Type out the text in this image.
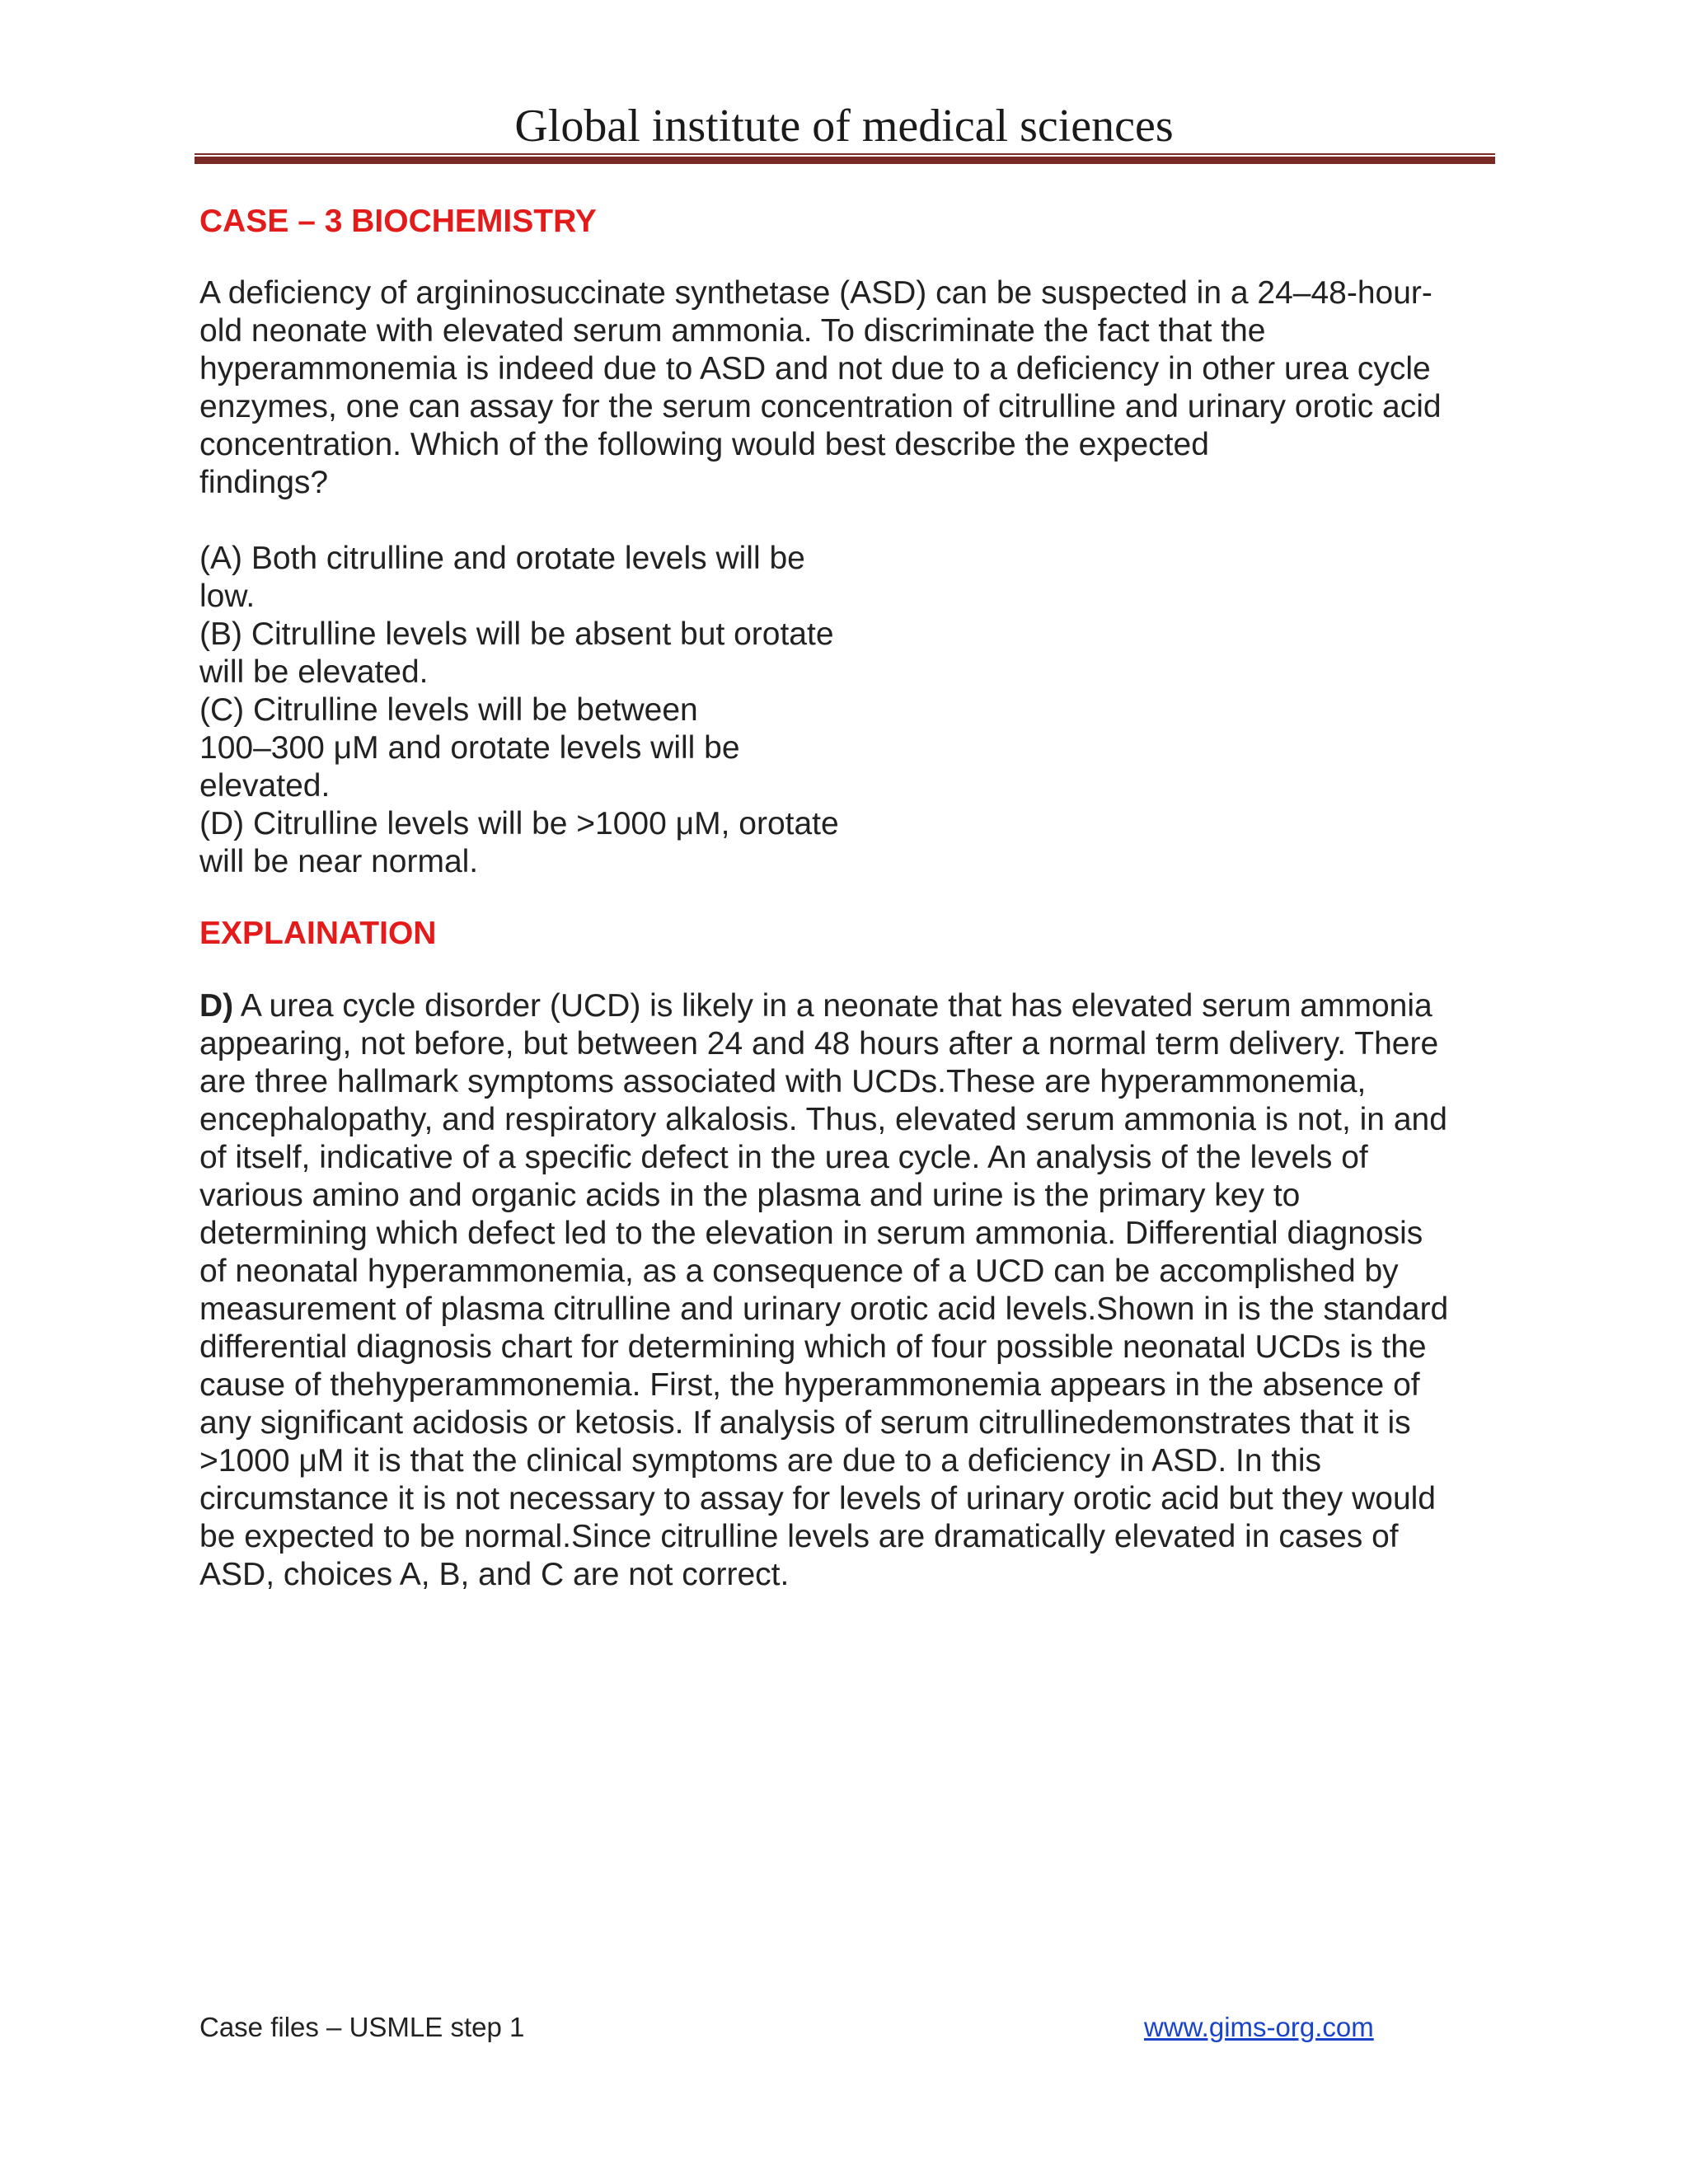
Global institute of medical sciences
CASE – 3 BIOCHEMISTRY
A deficiency of argininosuccinate synthetase (ASD) can be suspected in a 24–48-hour-
old neonate with elevated serum ammonia. To discriminate the fact that the
hyperammonemia is indeed due to ASD and not due to a deficiency in other urea cycle
enzymes, one can assay for the serum concentration of citrulline and urinary orotic acid
concentration. Which of the following would best describe the expected
findings?
(A) Both citrulline and orotate levels will be
low.
(B) Citrulline levels will be absent but orotate
will be elevated.
(C) Citrulline levels will be between
100–300 μM and orotate levels will be
elevated.
(D) Citrulline levels will be >1000 μM, orotate
will be near normal.
EXPLAINATION
D) A urea cycle disorder (UCD) is likely in a neonate that has elevated serum ammonia
appearing, not before, but between 24 and 48 hours after a normal term delivery. There
are three hallmark symptoms associated with UCDs.These are hyperammonemia,
encephalopathy, and respiratory alkalosis. Thus, elevated serum ammonia is not, in and
of itself, indicative of a specific defect in the urea cycle. An analysis of the levels of
various amino and organic acids in the plasma and urine is the primary key to
determining which defect led to the elevation in serum ammonia. Differential diagnosis
of neonatal hyperammonemia, as a consequence of a UCD can be accomplished by
measurement of plasma citrulline and urinary orotic acid levels.Shown in is the standard
differential diagnosis chart for determining which of four possible neonatal UCDs is the
cause of thehyperammonemia. First, the hyperammonemia appears in the absence of
any significant acidosis or ketosis. If analysis of serum citrullinedemonstrates that it is
>1000 μM it is that the clinical symptoms are due to a deficiency in ASD. In this
circumstance it is not necessary to assay for levels of urinary orotic acid but they would
be expected to be normal.Since citrulline levels are dramatically elevated in cases of
ASD, choices A, B, and C are not correct.
Case files – USMLE step 1	www.gims-org.com
